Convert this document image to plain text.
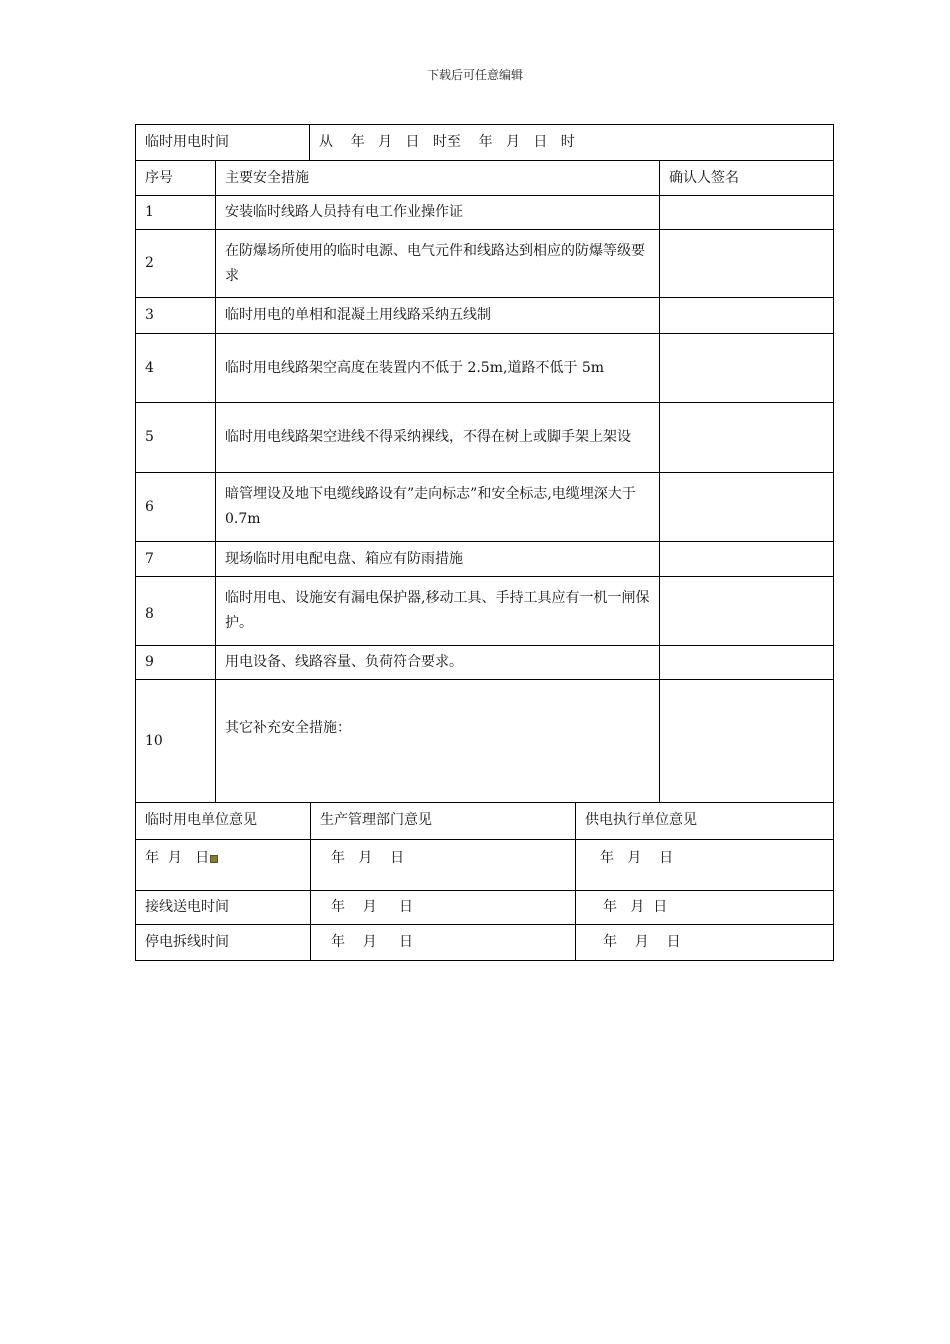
下载后可任意编辑
临时用电时间		从    年   月   日   时至    年   月   日   时	
序号	主要安全措施		确认人签名
1	安装临时线路人员持有电工作业操作证		
2	在防爆场所使用的临时电源、电气元件和线路达到相应的防爆等级要求		
3	临时用电的单相和混凝土用线路采纳五线制		
4	临时用电线路架空高度在装置内不低于 2.5m,道路不低于 5m		
5	临时用电线路架空进线不得采纳裸线，不得在树上或脚手架上架设		
6	暗管埋设及地下电缆线路设有”走向标志”和安全标志,电缆埋深大于 0.7m		
7	现场临时用电配电盘、箱应有防雨措施		
8	临时用电、设施安有漏电保护器,移动工具、手持工具应有一机一闸保护。		
9	用电设备、线路容量、负荷符合要求。		
10	其它补充安全措施：		
临时用电单位意见	生产管理部门意见	供电执行单位意见
年  月   日	年   月    日	年   月    日
接线送电时间	年    月     日	年   月  日
停电拆线时间	年    月     日	年    月    日
